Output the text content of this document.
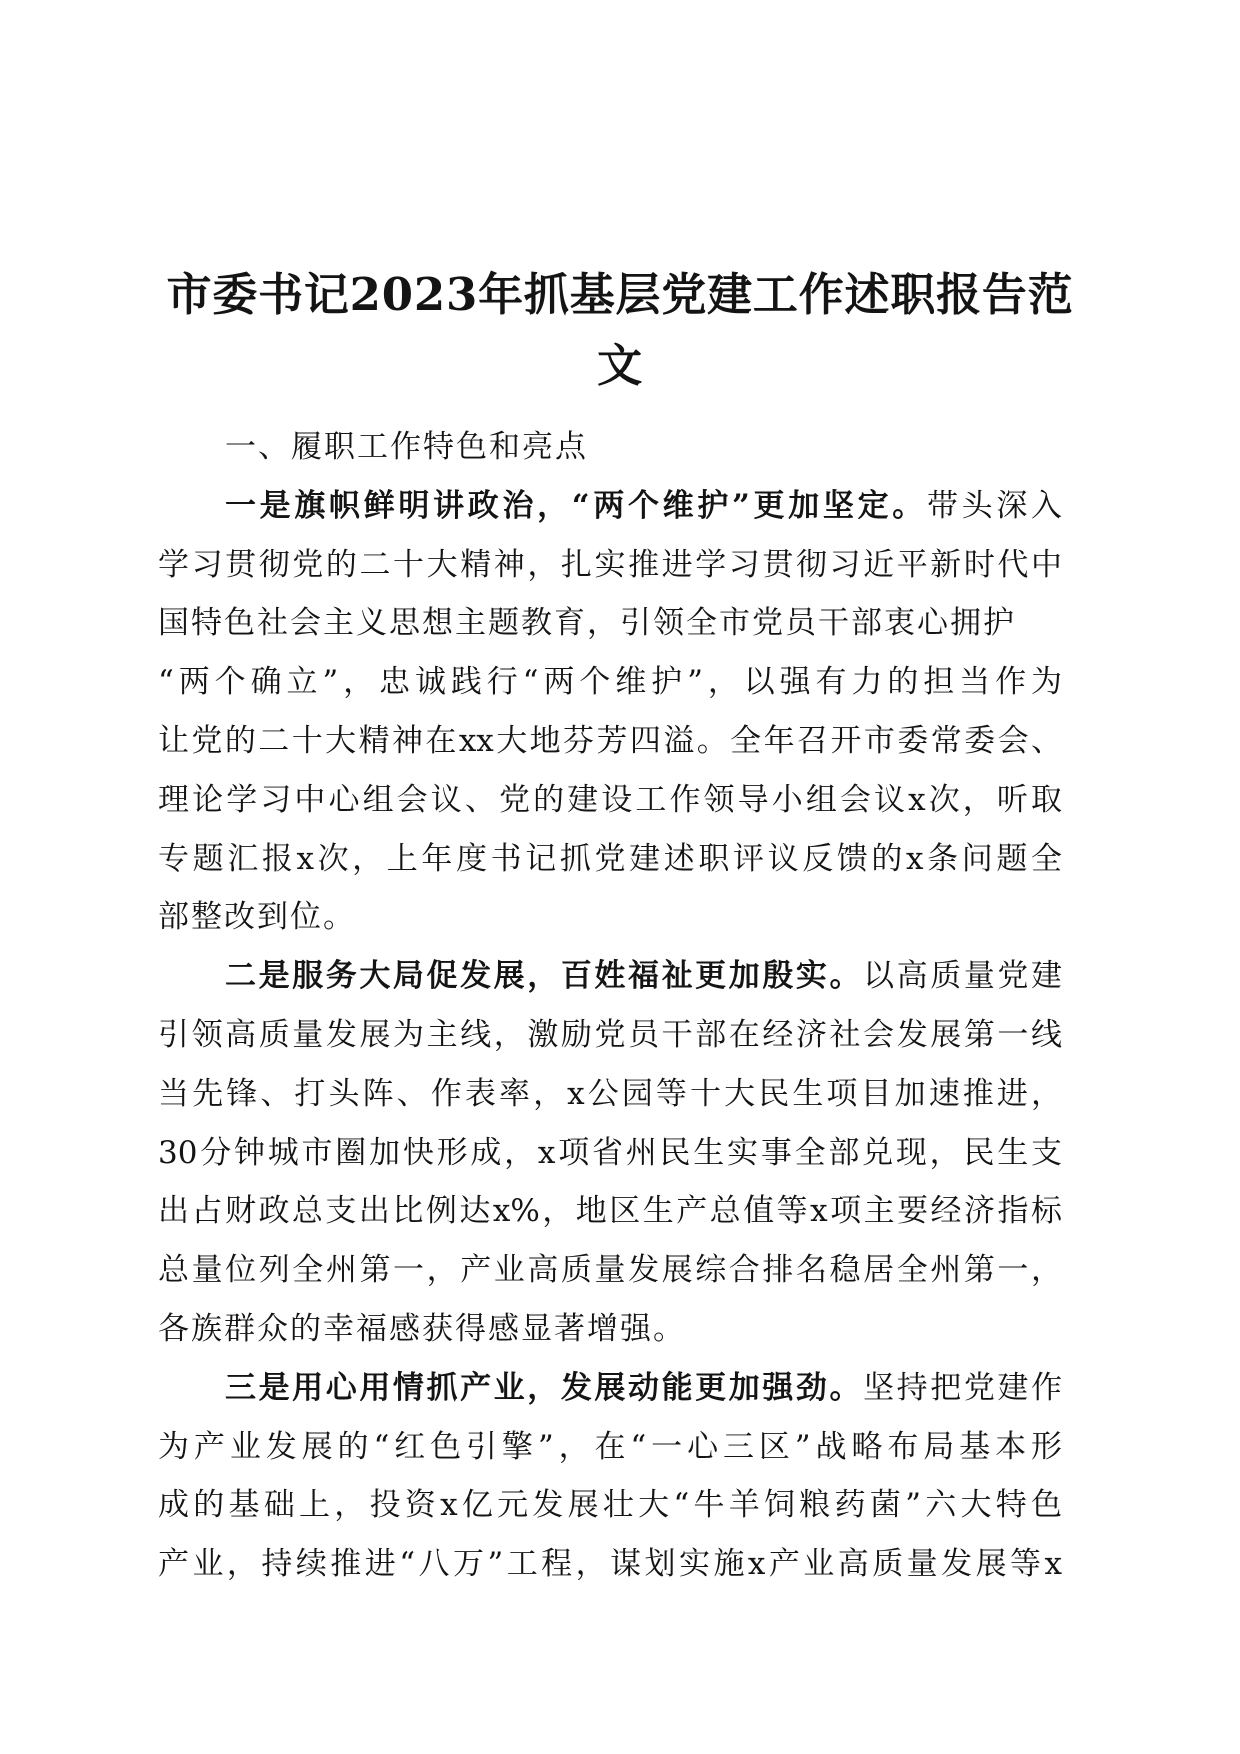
市委书记2023年抓基层党建工作述职报告范
文
一、履职工作特色和亮点
一是旗帜鲜明讲政治，“两个维护”更加坚定。带头深入
学习贯彻党的二十大精神，扎实推进学习贯彻习近平新时代中
国特色社会主义思想主题教育，引领全市党员干部衷心拥护
“两个确立”，忠诚践行“两个维护”，以强有力的担当作为
让党的二十大精神在xx大地芬芳四溢。全年召开市委常委会、
理论学习中心组会议、党的建设工作领导小组会议x次，听取
专题汇报x次，上年度书记抓党建述职评议反馈的x条问题全
部整改到位。
二是服务大局促发展，百姓福祉更加殷实。以高质量党建
引领高质量发展为主线，激励党员干部在经济社会发展第一线
当先锋、打头阵、作表率，x公园等十大民生项目加速推进，
30分钟城市圈加快形成，x项省州民生实事全部兑现，民生支
出占财政总支出比例达x%，地区生产总值等x项主要经济指标
总量位列全州第一，产业高质量发展综合排名稳居全州第一，
各族群众的幸福感获得感显著增强。
三是用心用情抓产业，发展动能更加强劲。坚持把党建作
为产业发展的“红色引擎”，在“一心三区”战略布局基本形
成的基础上，投资x亿元发展壮大“牛羊饲粮药菌”六大特色
产业，持续推进“八万”工程，谋划实施x产业高质量发展等x
